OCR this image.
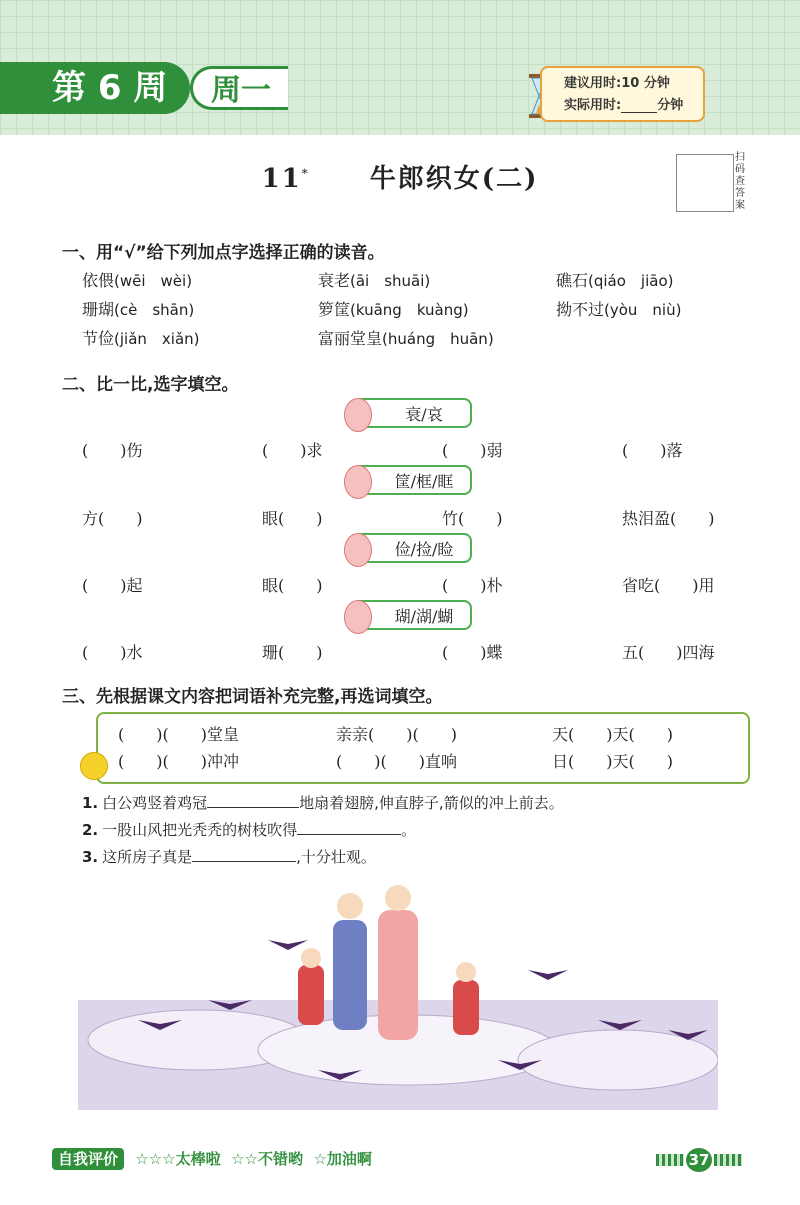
第 6 周	周一	建议用时:10 分钟
实际用时:	分钟
11* 牛郎织女(二)
扫码查答案
一、用“√”给下列加点字选择正确的读音。
依偎(wēi　wèi)	衰老(āi　shuāi)	礁石(qiáo　jiāo)
珊瑚(cè　shān)	箩筐(kuāng　kuàng)	拗不过(yòu　niù)
节俭(jiǎn　xiǎn)	富丽堂皇(huáng　huān)
二、比一比,选字填空。
衰/哀
(　　)伤	(　　)求	(　　)弱	(　　)落
筐/框/眶
方(　　)	眼(　　)	竹(　　)	热泪盈(　　)
俭/捡/睑
(　　)起	眼(　　)	(　　)朴	省吃(　　)用
瑚/湖/蝴
(　　)水	珊(　　)	(　　)蝶	五(　　)四海
三、先根据课文内容把词语补充完整,再选词填空。
(　　)(　　)堂皇	亲亲(　　)(　　)	天(　　)天(　　)
(　　)(　　)冲冲	(　　)(　　)直响	日(　　)天(　　)
1. 白公鸡竖着鸡冠	地扇着翅膀,伸直脖子,箭似的冲上前去。
2. 一股山风把光秃秃的树枝吹得	。
3. 这所房子真是	,十分壮观。
自我评价 ☆☆☆太棒啦 ☆☆不错哟 ☆加油啊	37
